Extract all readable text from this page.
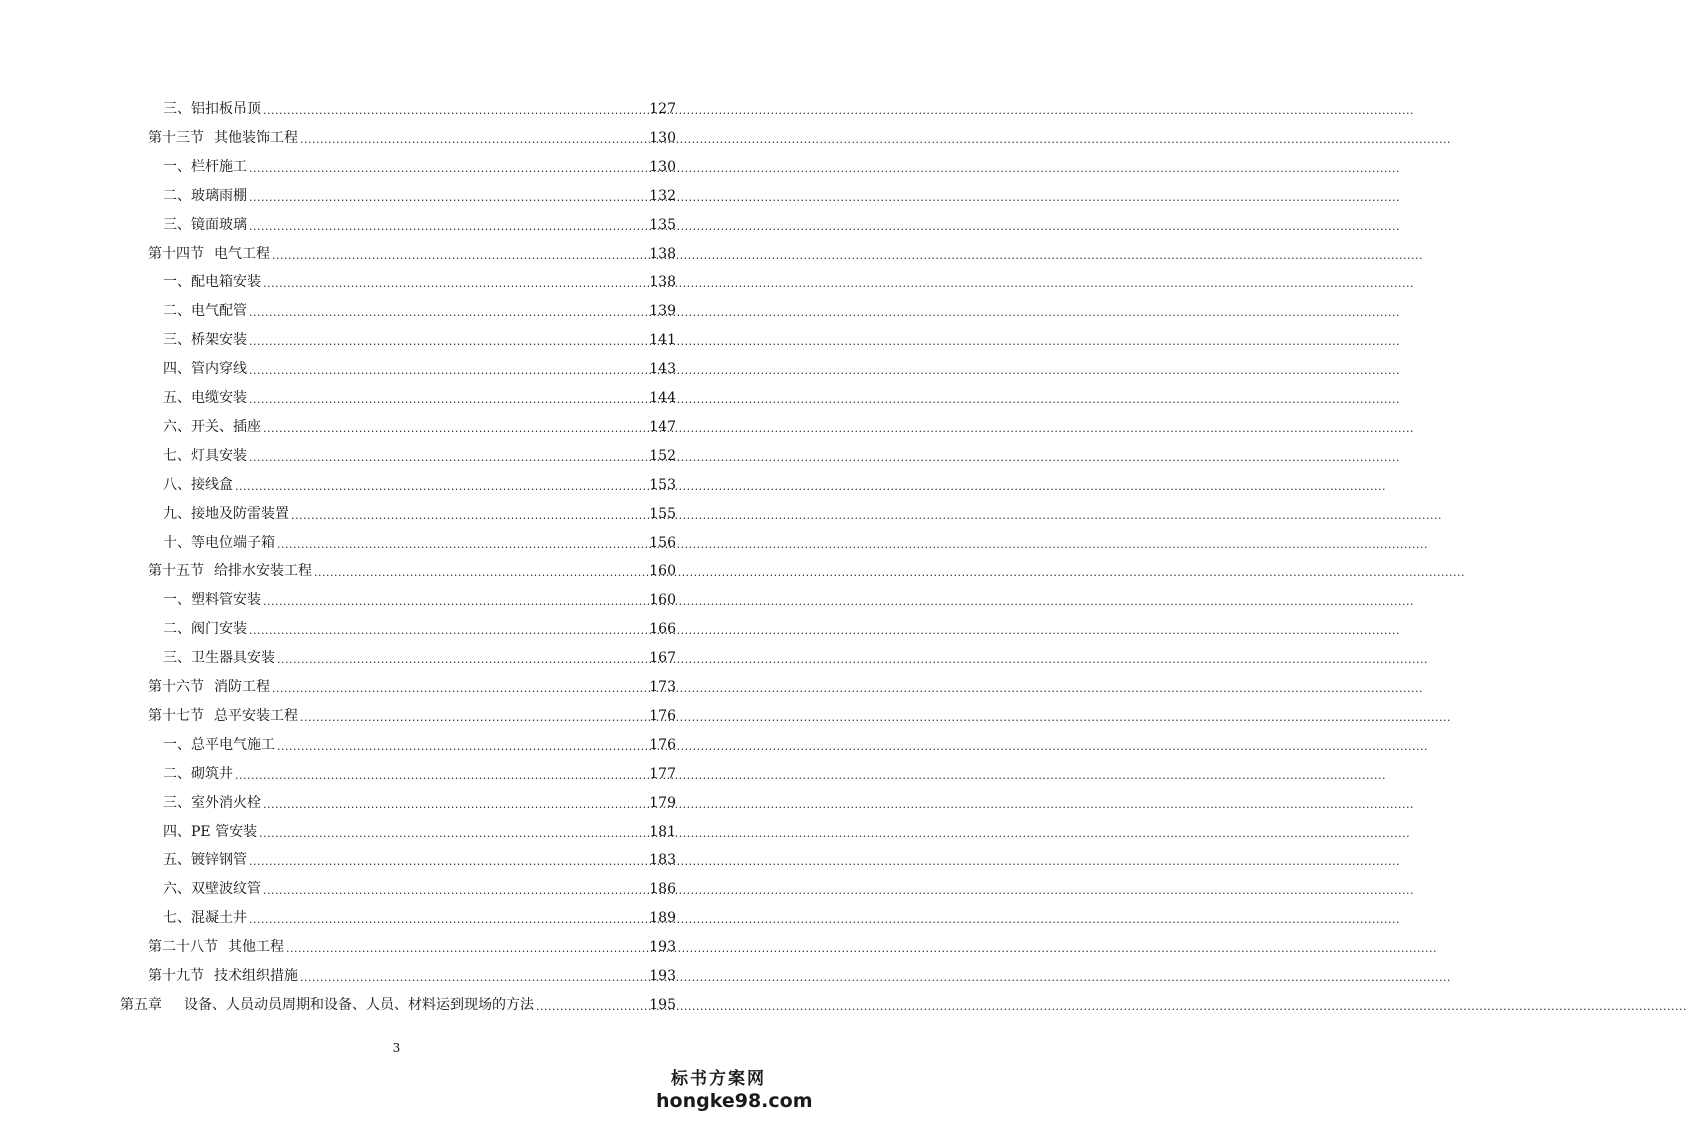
三、铝扣板吊顶 .....	127
第十三节 其他装饰工程 .....	130
一、栏杆施工 .....	130
二、玻璃雨棚 .....	132
三、镜面玻璃 .....	135
第十四节 电气工程 .....	138
一、配电箱安装 .....	138
二、电气配管 .....	139
三、桥架安装 .....	141
四、管内穿线 .....	143
五、电缆安装 .....	144
六、开关、插座 .....	147
七、灯具安装 .....	152
八、接线盒 .....	153
九、接地及防雷装置 .....	155
十、等电位端子箱 .....	156
第十五节 给排水安装工程 .....	160
一、塑料管安装 .....	160
二、阀门安装 .....	166
三、卫生器具安装 .....	167
第十六节 消防工程 .....	173
第十七节 总平安装工程 .....	176
一、总平电气施工 .....	176
二、砌筑井 .....	177
三、室外消火栓 .....	179
四、PE 管安装 .....	181
五、镀锌钢管 .....	183
六、双壁波纹管 .....	186
七、混凝土井 .....	189
第二十八节 其他工程 .....	193
第十九节 技术组织措施 .....	193
第五章 设备、人员动员周期和设备、人员、材料运到现场的方法 .....	195
3
标书方案网
hongke98.com
